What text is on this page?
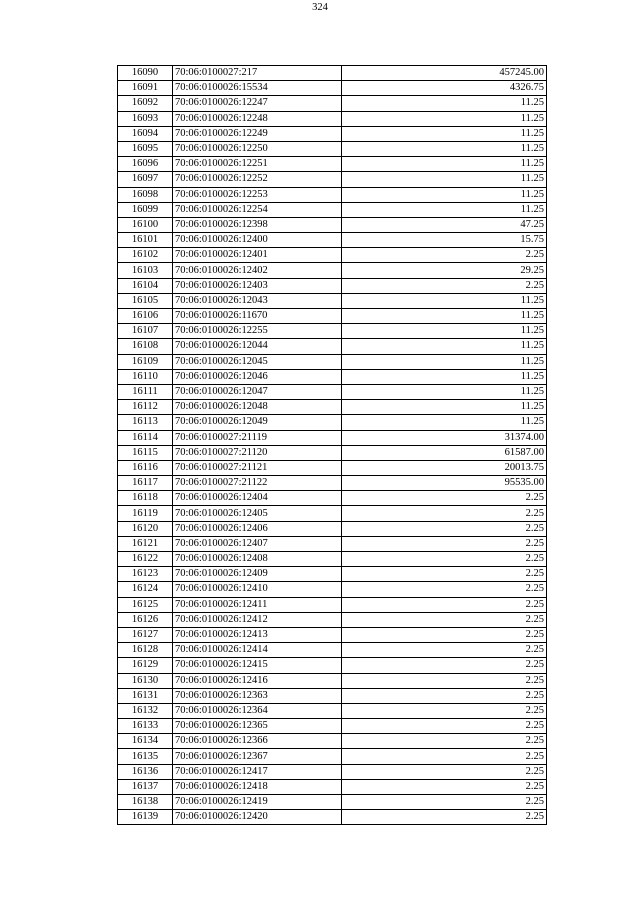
324
16090	70:06:0100027:217	457245.00
16091	70:06:0100026:15534	4326.75
16092	70:06:0100026:12247	11.25
16093	70:06:0100026:12248	11.25
16094	70:06:0100026:12249	11.25
16095	70:06:0100026:12250	11.25
16096	70:06:0100026:12251	11.25
16097	70:06:0100026:12252	11.25
16098	70:06:0100026:12253	11.25
16099	70:06:0100026:12254	11.25
16100	70:06:0100026:12398	47.25
16101	70:06:0100026:12400	15.75
16102	70:06:0100026:12401	2.25
16103	70:06:0100026:12402	29.25
16104	70:06:0100026:12403	2.25
16105	70:06:0100026:12043	11.25
16106	70:06:0100026:11670	11.25
16107	70:06:0100026:12255	11.25
16108	70:06:0100026:12044	11.25
16109	70:06:0100026:12045	11.25
16110	70:06:0100026:12046	11.25
16111	70:06:0100026:12047	11.25
16112	70:06:0100026:12048	11.25
16113	70:06:0100026:12049	11.25
16114	70:06:0100027:21119	31374.00
16115	70:06:0100027:21120	61587.00
16116	70:06:0100027:21121	20013.75
16117	70:06:0100027:21122	95535.00
16118	70:06:0100026:12404	2.25
16119	70:06:0100026:12405	2.25
16120	70:06:0100026:12406	2.25
16121	70:06:0100026:12407	2.25
16122	70:06:0100026:12408	2.25
16123	70:06:0100026:12409	2.25
16124	70:06:0100026:12410	2.25
16125	70:06:0100026:12411	2.25
16126	70:06:0100026:12412	2.25
16127	70:06:0100026:12413	2.25
16128	70:06:0100026:12414	2.25
16129	70:06:0100026:12415	2.25
16130	70:06:0100026:12416	2.25
16131	70:06:0100026:12363	2.25
16132	70:06:0100026:12364	2.25
16133	70:06:0100026:12365	2.25
16134	70:06:0100026:12366	2.25
16135	70:06:0100026:12367	2.25
16136	70:06:0100026:12417	2.25
16137	70:06:0100026:12418	2.25
16138	70:06:0100026:12419	2.25
16139	70:06:0100026:12420	2.25
